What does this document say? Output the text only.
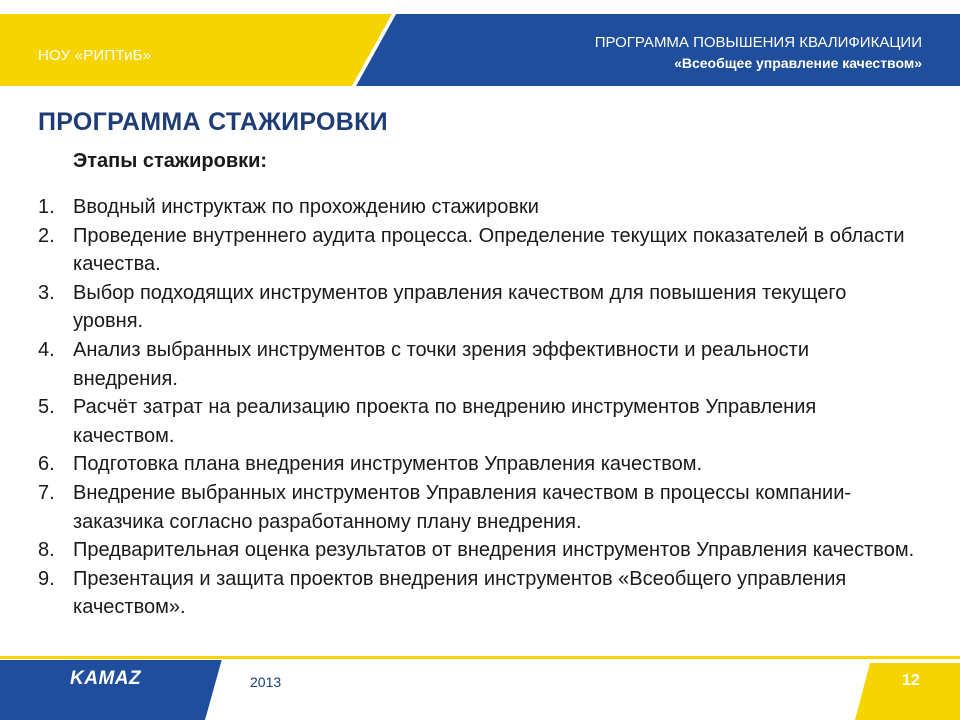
НОУ «РИПТиБ»
ПРОГРАММА ПОВЫШЕНИЯ КВАЛИФИКАЦИИ
«Всеобщее управление качеством»
ПРОГРАММА СТАЖИРОВКИ
Этапы стажировки:
1. Вводный инструктаж по прохождению стажировки
2. Проведение внутреннего аудита процесса. Определение текущих показателей в области качества.
3. Выбор подходящих инструментов управления качеством для повышения текущего уровня.
4. Анализ выбранных инструментов с точки зрения эффективности и реальности внедрения.
5. Расчёт затрат на реализацию проекта по внедрению инструментов Управления качеством.
6. Подготовка плана внедрения инструментов Управления качеством.
7. Внедрение выбранных инструментов Управления качеством в процессы компании-заказчика согласно разработанному плану внедрения.
8. Предварительная оценка результатов от внедрения инструментов Управления качеством.
9. Презентация и защита проектов внедрения инструментов «Всеобщего управления качеством».
KAMAZ	2013	12
